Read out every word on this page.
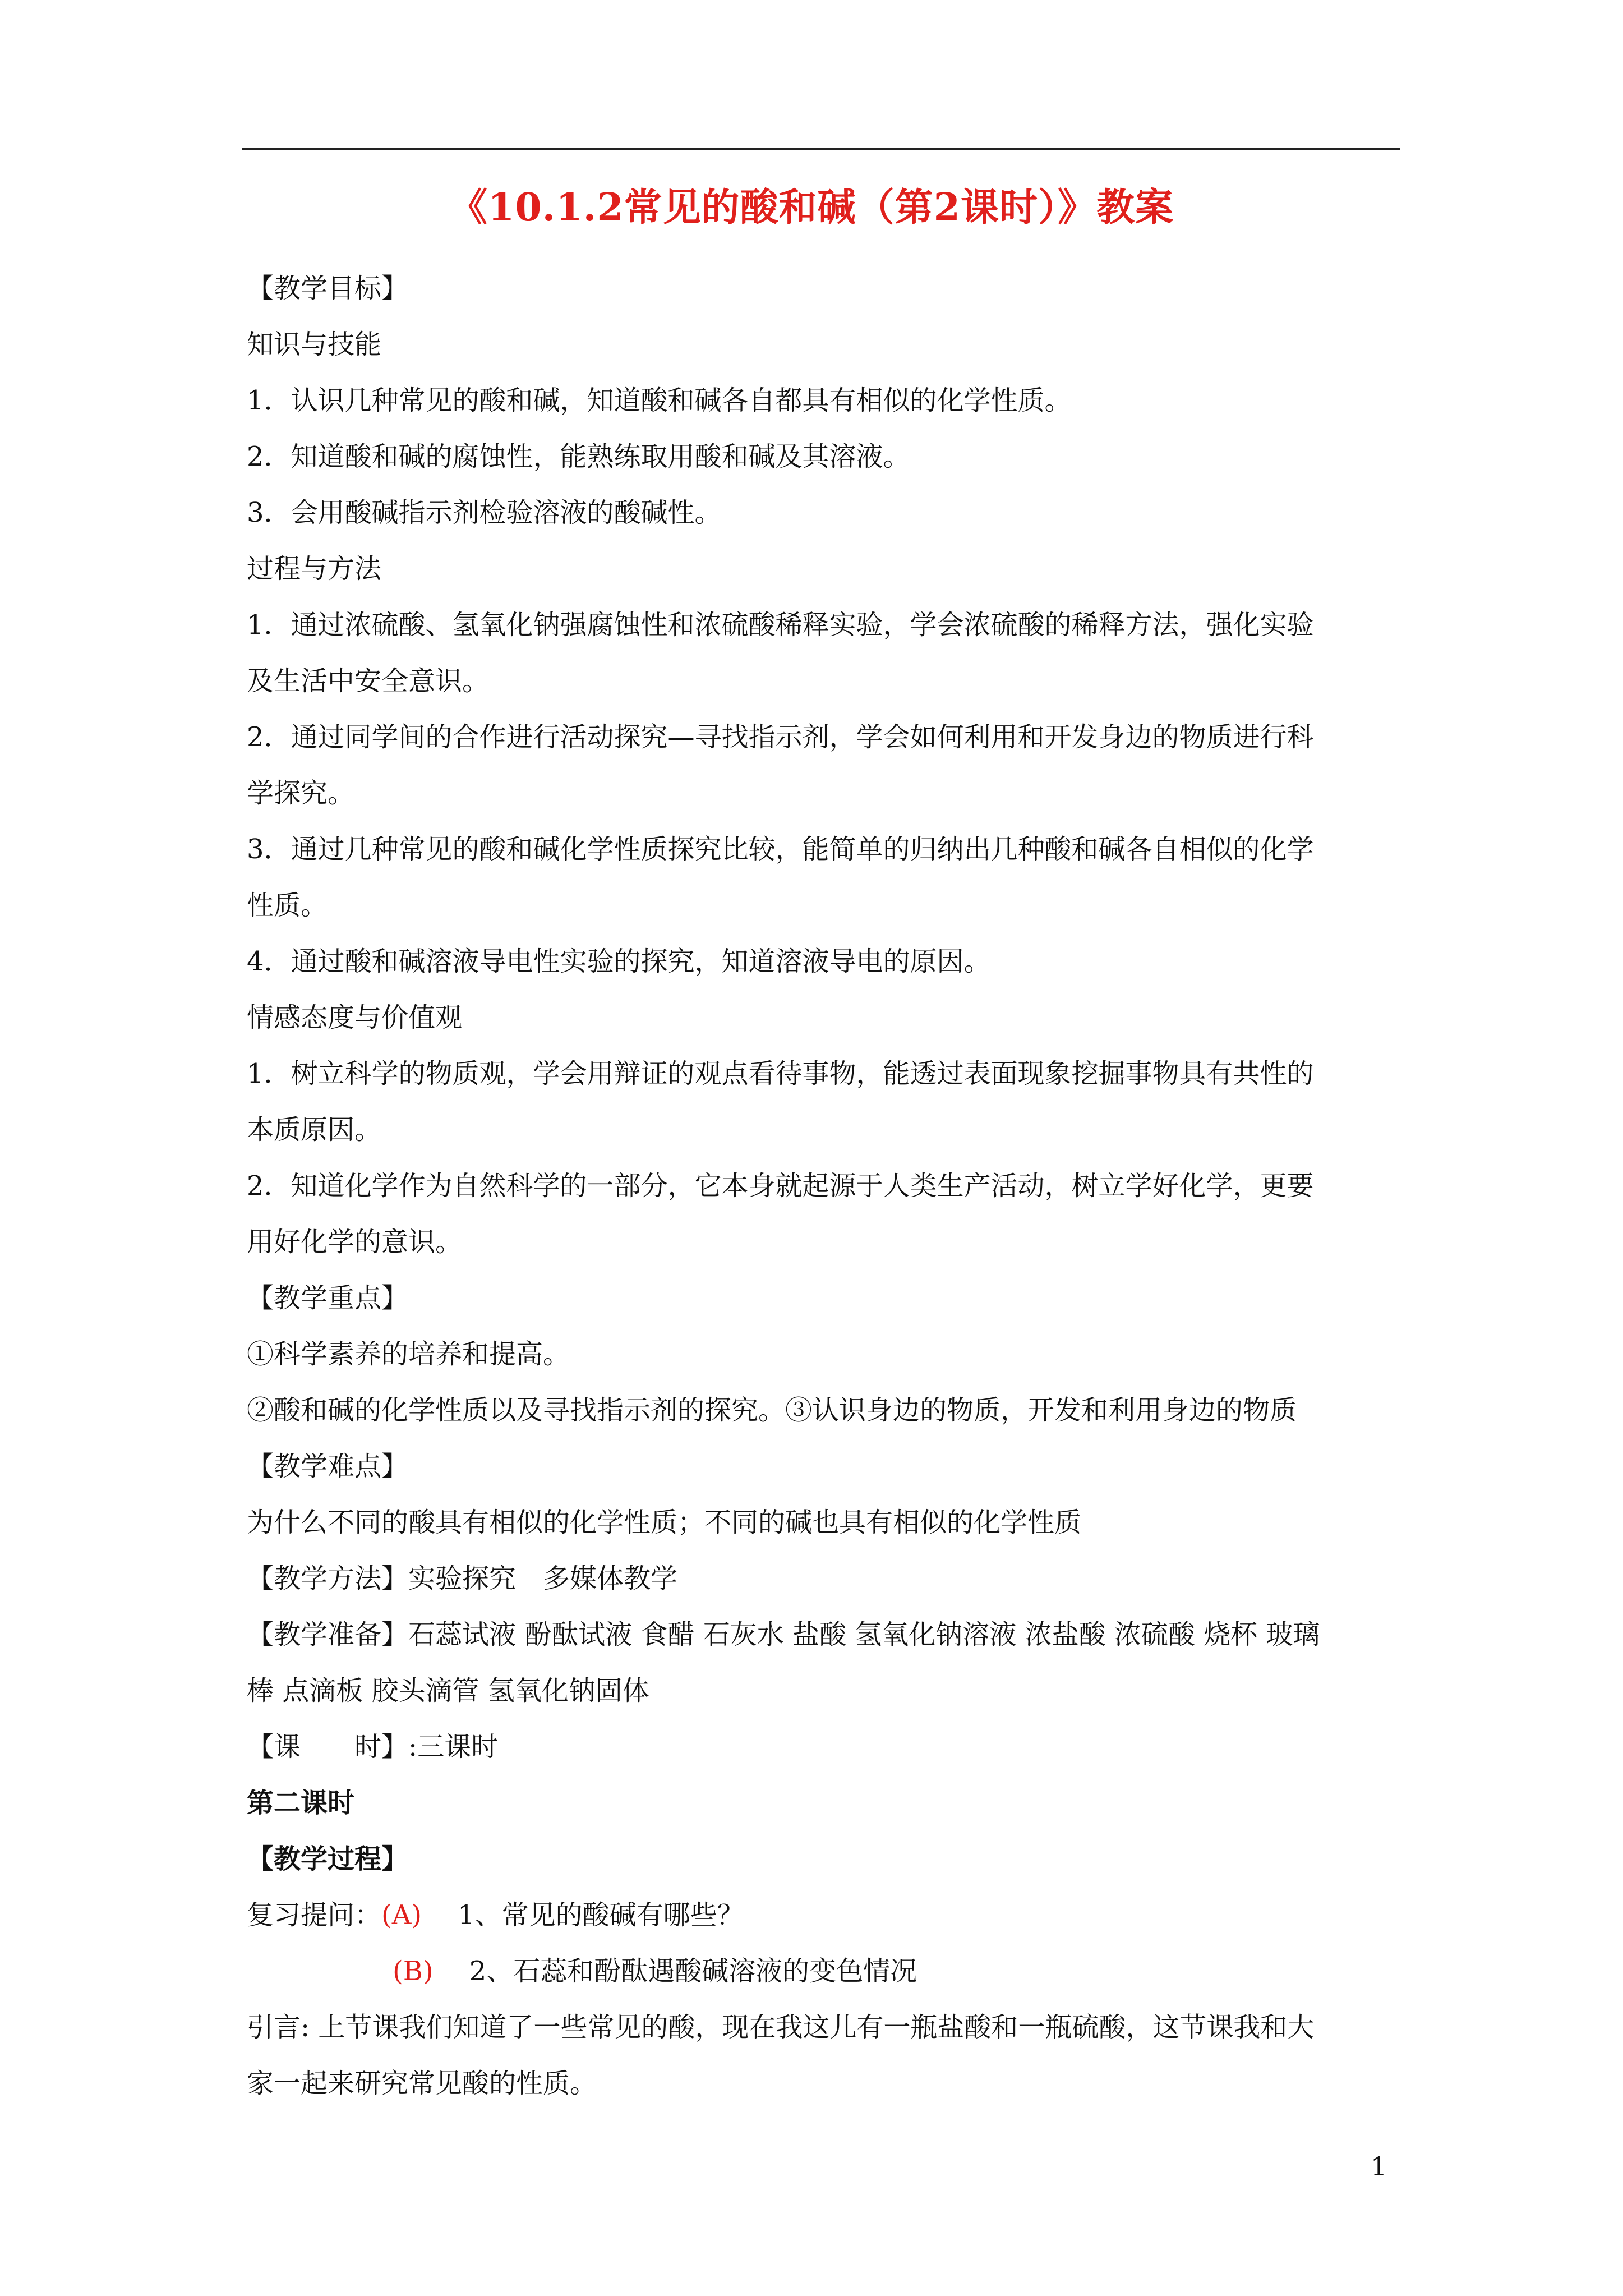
《10.1.2常见的酸和碱（第2课时）》教案
【教学目标】
知识与技能
1．认识几种常见的酸和碱，知道酸和碱各自都具有相似的化学性质。
2．知道酸和碱的腐蚀性，能熟练取用酸和碱及其溶液。
3．会用酸碱指示剂检验溶液的酸碱性。
过程与方法
1．通过浓硫酸、氢氧化钠强腐蚀性和浓硫酸稀释实验，学会浓硫酸的稀释方法，强化实验
及生活中安全意识。
2．通过同学间的合作进行活动探究—寻找指示剂，学会如何利用和开发身边的物质进行科
学探究。
3．通过几种常见的酸和碱化学性质探究比较，能简单的归纳出几种酸和碱各自相似的化学
性质。
4．通过酸和碱溶液导电性实验的探究，知道溶液导电的原因。
情感态度与价值观
1．树立科学的物质观，学会用辩证的观点看待事物，能透过表面现象挖掘事物具有共性的
本质原因。
2．知道化学作为自然科学的一部分，它本身就起源于人类生产活动，树立学好化学，更要
用好化学的意识。
【教学重点】
①科学素养的培养和提高。
②酸和碱的化学性质以及寻找指示剂的探究。③认识身边的物质，开发和利用身边的物质
【教学难点】
为什么不同的酸具有相似的化学性质；不同的碱也具有相似的化学性质
【教学方法】实验探究　多媒体教学
【教学准备】石蕊试液 酚酞试液 食醋 石灰水 盐酸 氢氧化钠溶液 浓盐酸 浓硫酸 烧杯 玻璃
棒 点滴板 胶头滴管 氢氧化钠固体
【课　　时】:三课时
第二课时
【教学过程】
复习提问：(A) 1、常见的酸碱有哪些？
(B) 2、石蕊和酚酞遇酸碱溶液的变色情况
引言: 上节课我们知道了一些常见的酸，现在我这儿有一瓶盐酸和一瓶硫酸，这节课我和大
家一起来研究常见酸的性质。
1
